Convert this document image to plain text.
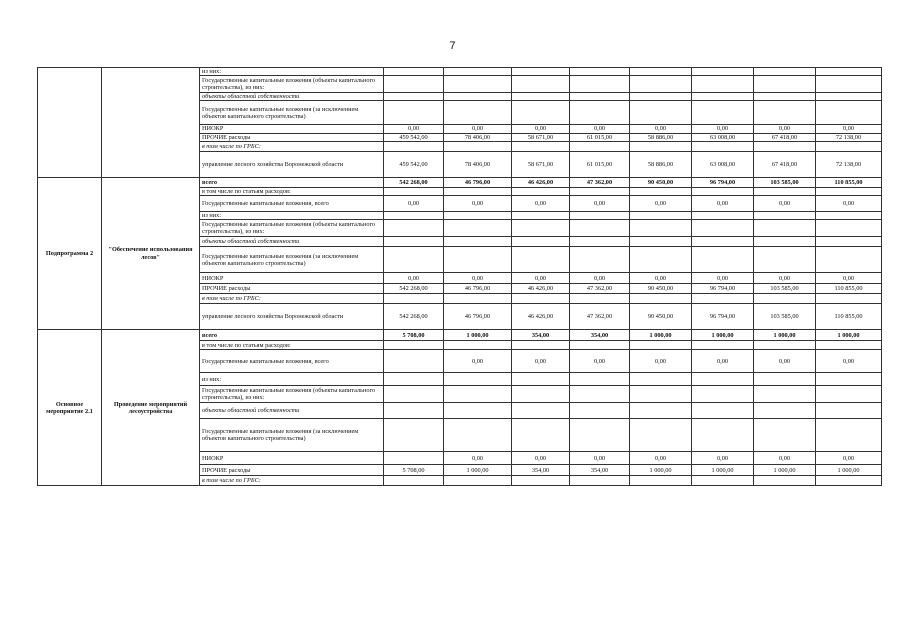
7
		из них:								
		Государственные капитальные вложения (объекты капитального строительства), из них:								
		объекты областной собственности								
		Государственные капитальные вложения (за исключением объектов капитального строительства)								
		НИОКР	0,00	0,00	0,00	0,00	0,00	0,00	0,00	0,00
		ПРОЧИЕ расходы	459 542,00	78 406,00	58 671,00	61 015,00	58 886,00	63 008,00	67 418,00	72 138,00
		в том числе по ГРБС:								
		управление лесного хозяйства Воронежской области	459 542,00	78 406,00	58 671,00	61 015,00	58 886,00	63 008,00	67 418,00	72 138,00
Подпрограмма 2	"Обеспечение использования лесов"	всего	542 268,00	46 796,00	46 426,00	47 362,00	90 450,00	96 794,00	103 585,00	110 855,00
		в том числе по статьям расходов:								
		Государственные капитальные вложения, всего	0,00	0,00	0,00	0,00	0,00	0,00	0,00	0,00
		из них:								
		Государственные капитальные вложения (объекты капитального строительства), из них:								
		объекты областной собственности								
		Государственные капитальные вложения (за исключением объектов капитального строительства)								
		НИОКР	0,00	0,00	0,00	0,00	0,00	0,00	0,00	0,00
		ПРОЧИЕ расходы	542 268,00	46 796,00	46 426,00	47 362,00	90 450,00	96 794,00	103 585,00	110 855,00
		в том числе по ГРБС:								
		управление лесного хозяйства Воронежской области	542 268,00	46 796,00	46 426,00	47 362,00	90 450,00	96 794,00	103 585,00	110 855,00
Основное мероприятие 2.1	Проведение мероприятий лесоустройства	всего	5 708,00	1 000,00	354,00	354,00	1 000,00	1 000,00	1 000,00	1 000,00
		в том числе по статьям расходов:								
		Государственные капитальные вложения, всего		0,00	0,00	0,00	0,00	0,00	0,00	0,00
		из них:								
		Государственные капитальные вложения (объекты капитального строительства), из них:								
		объекты областной собственности								
		Государственные капитальные вложения (за исключением объектов капитального строительства)								
		НИОКР		0,00	0,00	0,00	0,00	0,00	0,00	0,00
		ПРОЧИЕ расходы	5 708,00	1 000,00	354,00	354,00	1 000,00	1 000,00	1 000,00	1 000,00
		в том числе по ГРБС:								
